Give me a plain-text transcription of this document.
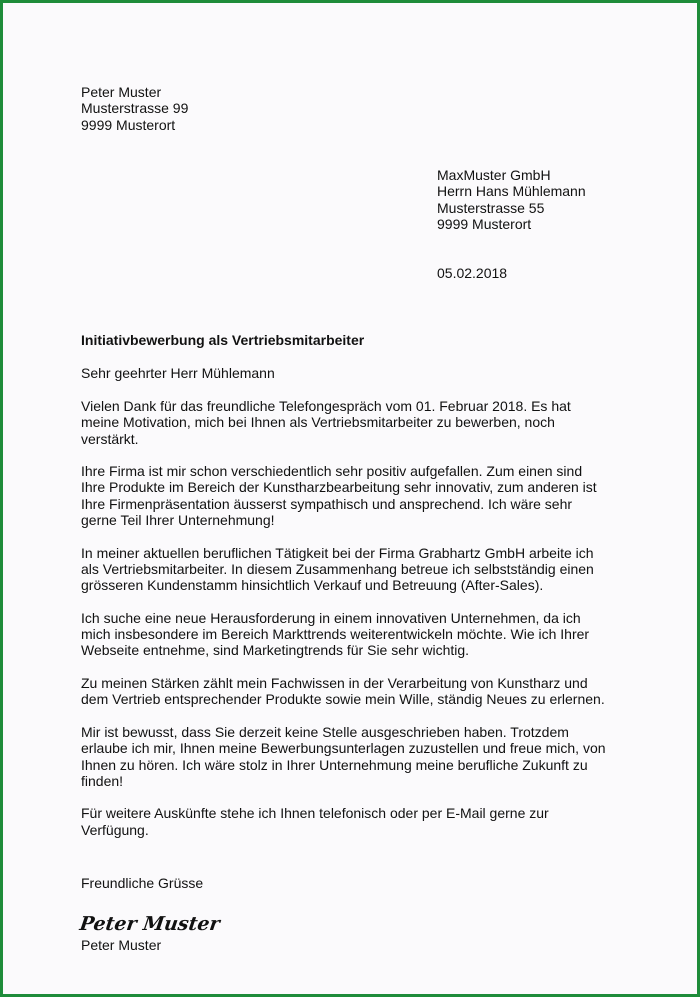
Peter Muster
Musterstrasse 99
9999 Musterort
MaxMuster GmbH
Herrn Hans Mühlemann
Musterstrasse 55
9999 Musterort
05.02.2018
Initiativbewerbung als Vertriebsmitarbeiter
Sehr geehrter Herr Mühlemann
Vielen Dank für das freundliche Telefongespräch vom 01. Februar 2018. Es hat
meine Motivation, mich bei Ihnen als Vertriebsmitarbeiter zu bewerben, noch
verstärkt.
Ihre Firma ist mir schon verschiedentlich sehr positiv aufgefallen. Zum einen sind
Ihre Produkte im Bereich der Kunstharzbearbeitung sehr innovativ, zum anderen ist
Ihre Firmenpräsentation äusserst sympathisch und ansprechend. Ich wäre sehr
gerne Teil Ihrer Unternehmung!
In meiner aktuellen beruflichen Tätigkeit bei der Firma Grabhartz GmbH arbeite ich
als Vertriebsmitarbeiter. In diesem Zusammenhang betreue ich selbstständig einen
grösseren Kundenstamm hinsichtlich Verkauf und Betreuung (After-Sales).
Ich suche eine neue Herausforderung in einem innovativen Unternehmen, da ich
mich insbesondere im Bereich Markttrends weiterentwickeln möchte. Wie ich Ihrer
Webseite entnehme, sind Marketingtrends für Sie sehr wichtig.
Zu meinen Stärken zählt mein Fachwissen in der Verarbeitung von Kunstharz und
dem Vertrieb entsprechender Produkte sowie mein Wille, ständig Neues zu erlernen.
Mir ist bewusst, dass Sie derzeit keine Stelle ausgeschrieben haben. Trotzdem
erlaube ich mir, Ihnen meine Bewerbungsunterlagen zuzustellen und freue mich, von
Ihnen zu hören. Ich wäre stolz in Ihrer Unternehmung meine berufliche Zukunft zu
finden!
Für weitere Auskünfte stehe ich Ihnen telefonisch oder per E-Mail gerne zur
Verfügung.
Freundliche Grüsse
Peter Muster
Peter Muster
